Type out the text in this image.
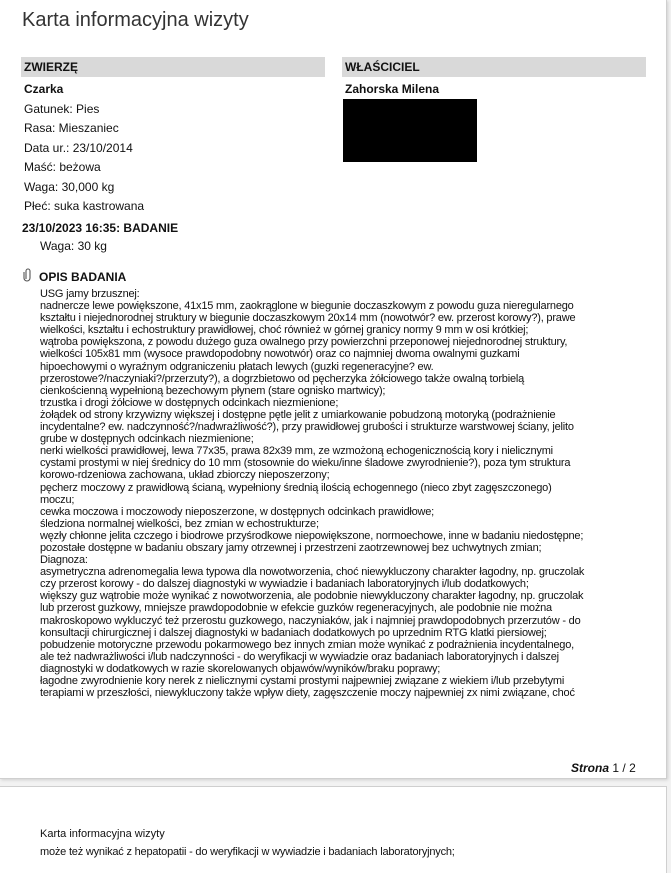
Karta informacyjna wizyty
ZWIERZĘ	WŁAŚCICIEL
Czarka
Gatunek: Pies
Rasa: Mieszaniec
Data ur.: 23/10/2014
Maść: beżowa
Waga: 30,000 kg
Płeć: suka kastrowana
Zahorska Milena
23/10/2023 16:35: BADANIE
Waga: 30 kg
OPIS BADANIA
USG jamy brzusznej:
nadnercze lewe powiększone, 41x15 mm, zaokrąglone w biegunie doczaszkowym z powodu guza nieregularnego
kształtu i niejednorodnej struktury w biegunie doczaszkowym 20x14 mm (nowotwór? ew. przerost korowy?), prawe
wielkości, kształtu i echostruktury prawidłowej, choć również w górnej granicy normy 9 mm w osi krótkiej;
wątroba powiększona, z powodu dużego guza owalnego przy powierzchni przeponowej niejednorodnej struktury,
wielkości 105x81 mm (wysoce prawdopodobny nowotwór) oraz co najmniej dwoma owalnymi guzkami
hipoechowymi o wyraźnym odgraniczeniu płatach lewych (guzki regeneracyjne? ew.
przerostowe?/naczyniaki?/przerzuty?), a dogrzbietowo od pęcherzyka żółciowego także owalną torbielą
cienkościenną wypełnioną bezechowym płynem (stare ognisko martwicy);
trzustka i drogi żółciowe w dostępnych odcinkach niezmienione;
żołądek od strony krzywizny większej i dostępne pętle jelit z umiarkowanie pobudzoną motoryką (podrażnienie
incydentalne? ew. nadczynność?/nadwrażliwość?), przy prawidłowej grubości i strukturze warstwowej ściany, jelito
grube w dostępnych odcinkach niezmienione;
nerki wielkości prawidłowej, lewa 77x35, prawa 82x39 mm, ze wzmożoną echogenicznością kory i nielicznymi
cystami prostymi w niej średnicy do 10 mm (stosownie do wieku/inne śladowe zwyrodnienie?), poza tym struktura
korowo-rdzeniowa zachowana, układ zbiorczy nieposzerzony;
pęcherz moczowy z prawidłową ścianą, wypełniony średnią ilością echogennego (nieco zbyt zagęszczonego)
moczu;
cewka moczowa i moczowody nieposzerzone, w dostępnych odcinkach prawidłowe;
śledziona normalnej wielkości, bez zmian w echostrukturze;
węzły chłonne jelita czczego i biodrowe przyśrodkowe niepowiększone, normoechowe, inne w badaniu niedostępne;
pozostałe dostępne w badaniu obszary jamy otrzewnej i przestrzeni zaotrzewnowej bez uchwytnych zmian;
Diagnoza:
asymetryczna adrenomegalia lewa typowa dla nowotworzenia, choć niewykluczony charakter łagodny, np. gruczolak
czy przerost korowy - do dalszej diagnostyki w wywiadzie i badaniach laboratoryjnych i/lub dodatkowych;
większy guz wątrobie może wynikać z nowotworzenia, ale podobnie niewykluczony charakter łagodny, np. gruczolak
lub przerost guzkowy, mniejsze prawdopodobnie w efekcie guzków regeneracyjnych, ale podobnie nie można
makroskopowo wykluczyć też przerostu guzkowego, naczyniaków, jak i najmniej prawdopodobnych przerzutów - do
konsultacji chirurgicznej i dalszej diagnostyki w badaniach dodatkowych po uprzednim RTG klatki piersiowej;
pobudzenie motoryczne przewodu pokarmowego bez innych zmian może wynikać z podrażnienia incydentalnego,
ale też nadwrażliwości i/lub nadczynności - do weryfikacji w wywiadzie oraz badaniach laboratoryjnych i dalszej
diagnostyki w dodatkowych w razie skorelowanych objawów/wyników/braku poprawy;
łagodne zwyrodnienie kory nerek z nielicznymi cystami prostymi najpewniej związane z wiekiem i/lub przebytymi
terapiami w przeszłości, niewykluczony także wpływ diety, zagęszczenie moczy najpewniej zx nimi związane, choć
Strona 1 / 2
Karta informacyjna wizyty
może też wynikać z hepatopatii - do weryfikacji w wywiadzie i badaniach laboratoryjnych;
